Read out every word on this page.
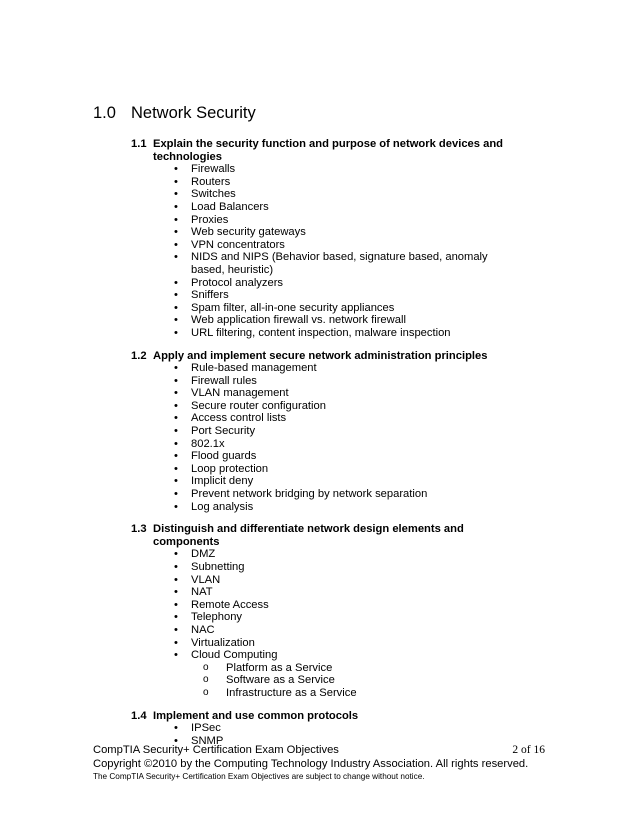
1.0 Network Security
1.1 Explain the security function and purpose of network devices and technologies
• Firewalls
• Routers
• Switches
• Load Balancers
• Proxies
• Web security gateways
• VPN concentrators
• NIDS and NIPS (Behavior based, signature based, anomaly based, heuristic)
• Protocol analyzers
• Sniffers
• Spam filter, all-in-one security appliances
• Web application firewall vs. network firewall
• URL filtering, content inspection, malware inspection
1.2 Apply and implement secure network administration principles
• Rule-based management
• Firewall rules
• VLAN management
• Secure router configuration
• Access control lists
• Port Security
• 802.1x
• Flood guards
• Loop protection
• Implicit deny
• Prevent network bridging by network separation
• Log analysis
1.3 Distinguish and differentiate network design elements and components
• DMZ
• Subnetting
• VLAN
• NAT
• Remote Access
• Telephony
• NAC
• Virtualization
• Cloud Computing
o Platform as a Service
o Software as a Service
o Infrastructure as a Service
1.4 Implement and use common protocols
• IPSec
• SNMP
CompTIA Security+ Certification Exam Objectives	2 of 16
Copyright ©2010 by the Computing Technology Industry Association. All rights reserved.
The CompTIA Security+ Certification Exam Objectives are subject to change without notice.
